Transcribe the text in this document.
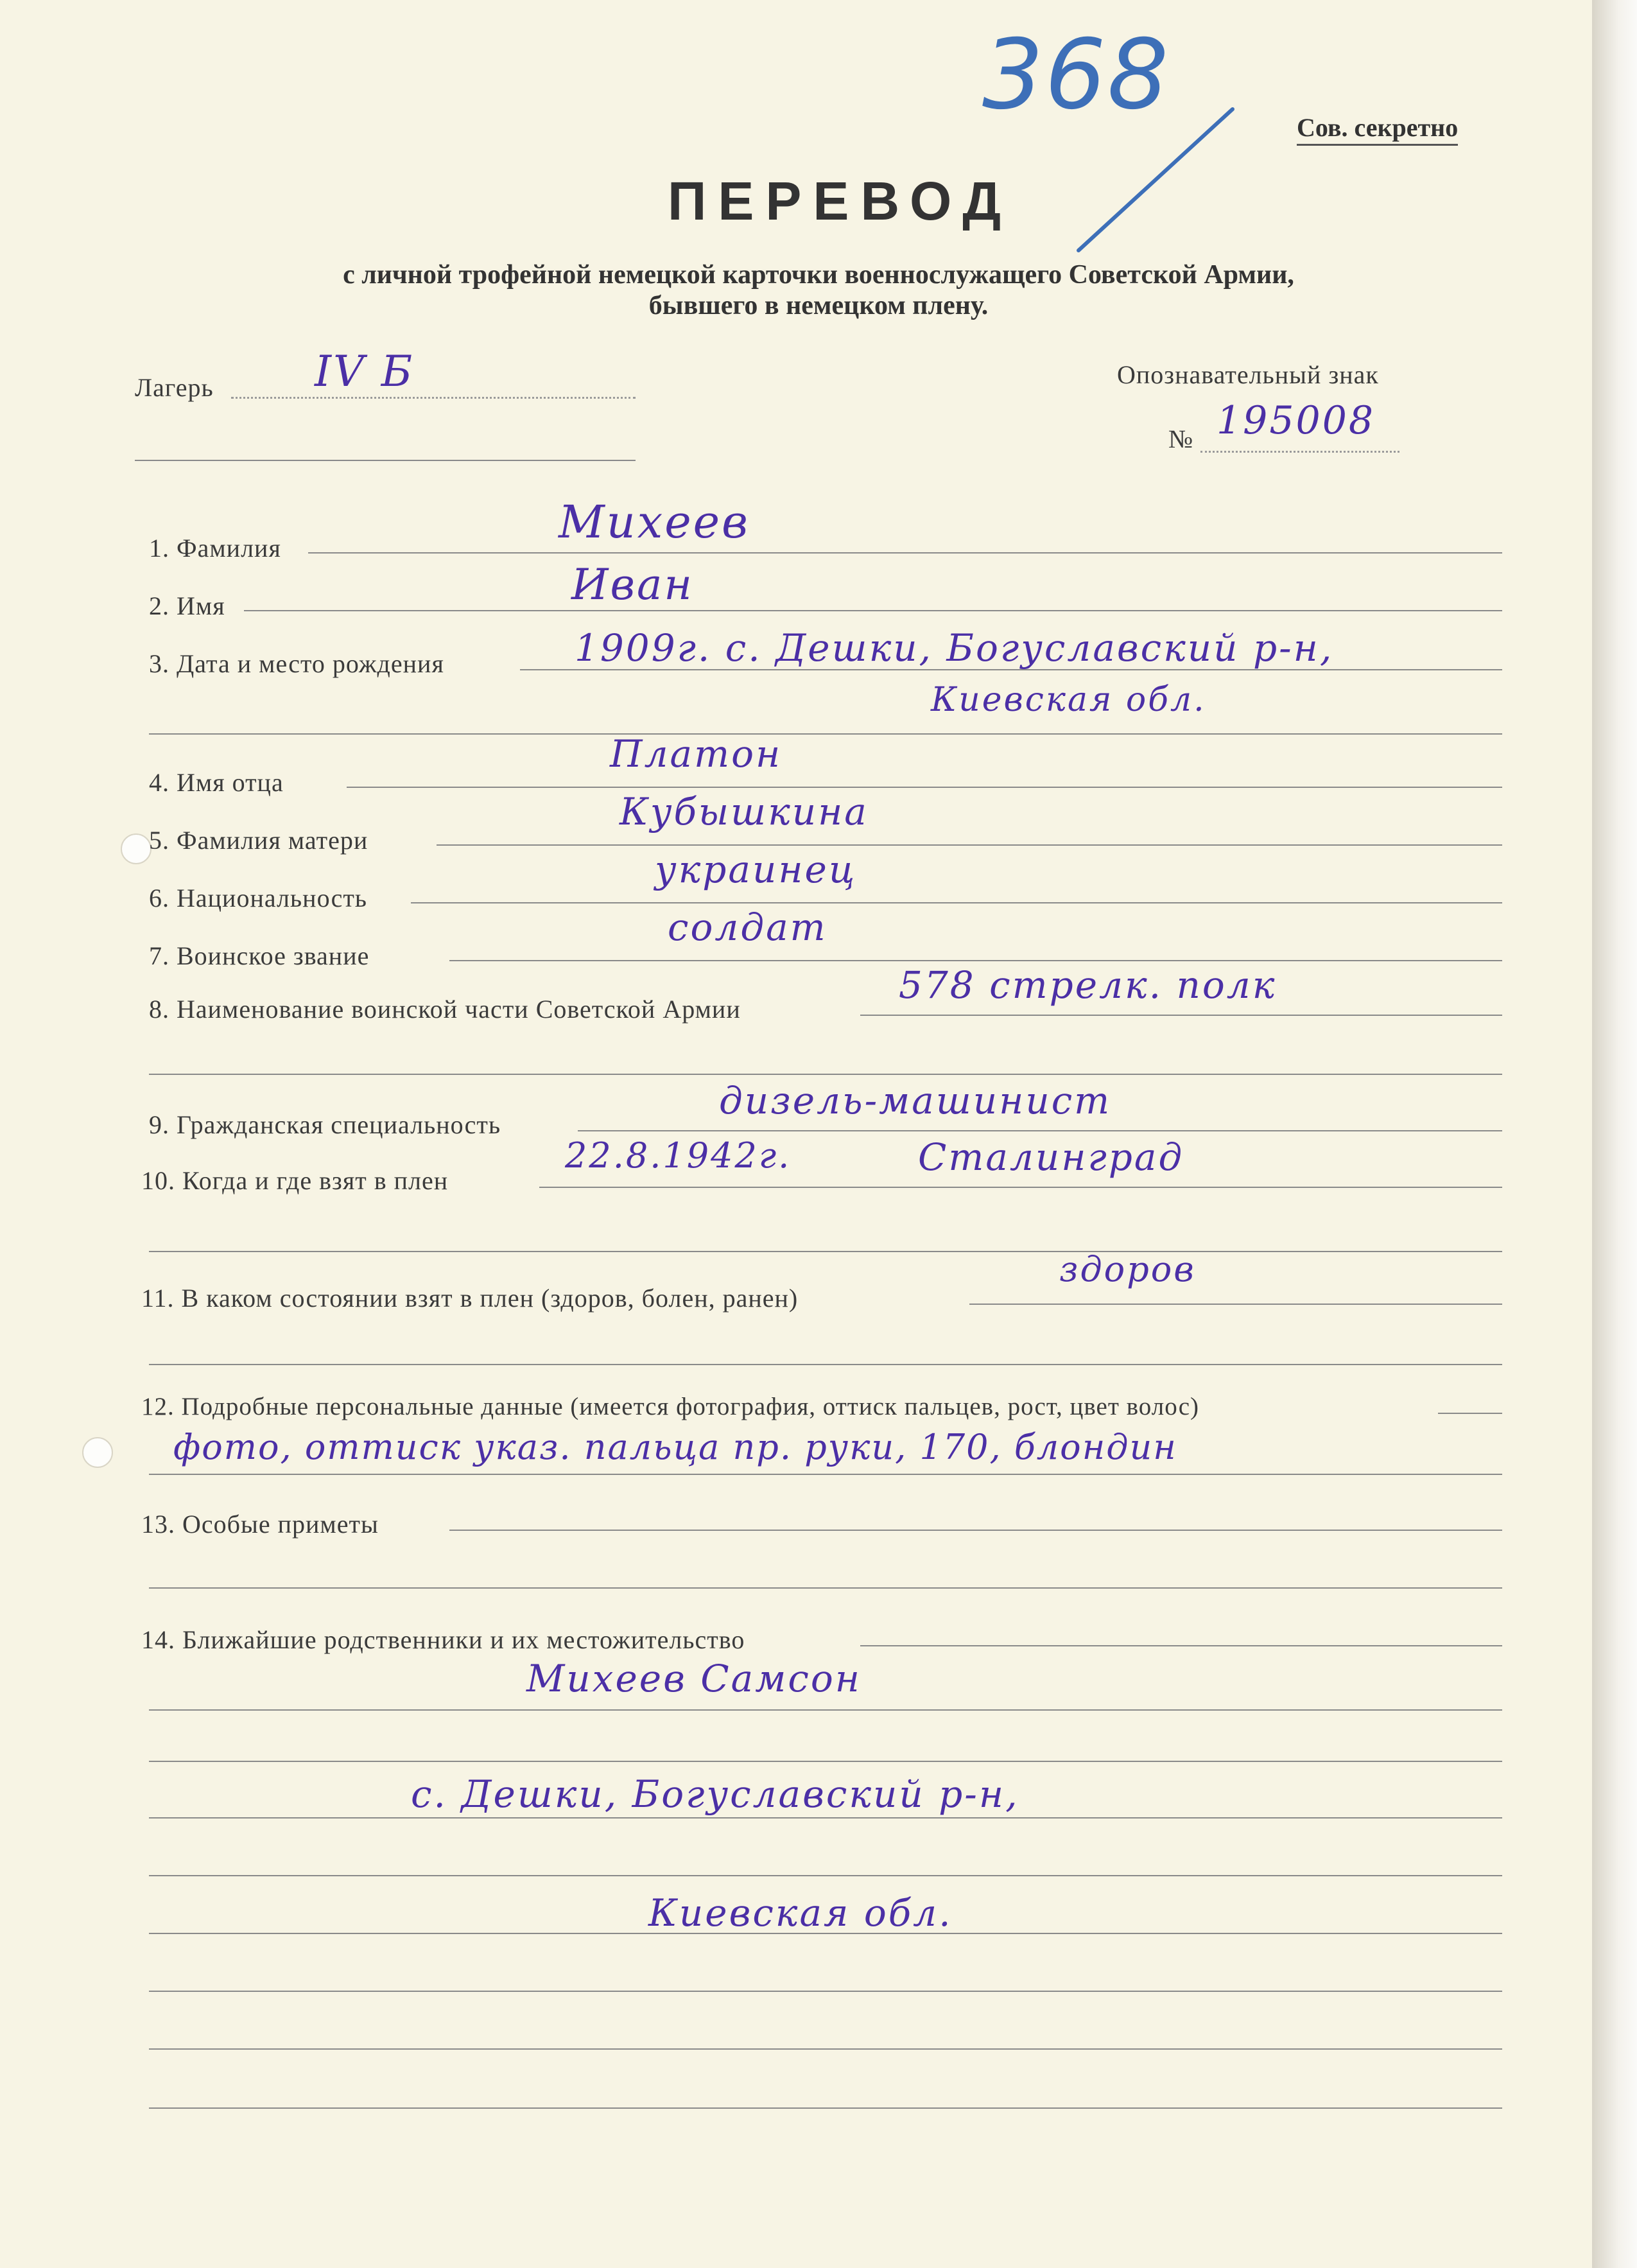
368	Сов. секретно
ПЕРЕВОД
с личной трофейной немецкой карточки военнослужащего Советской Армии,
бывшего в немецком плену.
Лагерь IV Б	Опознавательный знак
№ 195008
1. Фамилия	Михеев
2. Имя	Иван
3. Дата и место рождения	1909г. с. Дешки, Богуславский р-н,
Киевская обл.
4. Имя отца
Платон
5. Фамилия матери
Кубышкина
6. Национальность
украинец
7. Воинское звание
солдат
8. Наименование воинской части Советской Армии
578 стрелк. полк
9. Гражданская специальность
дизель-машинист
10. Когда и где взят в плен
22.8.1942г.	Сталинград
11. В каком состоянии взят в плен (здоров, болен, ранен)
здоров
12. Подробные персональные данные (имеется фотография, оттиск пальцев, рост, цвет волос)
фото, оттиск указ. пальца пр. руки, 170, блондин
13. Особые приметы
14. Ближайшие родственники и их местожительство
Михеев Самсон
с. Дешки, Богуславский р-н,
Киевская обл.
